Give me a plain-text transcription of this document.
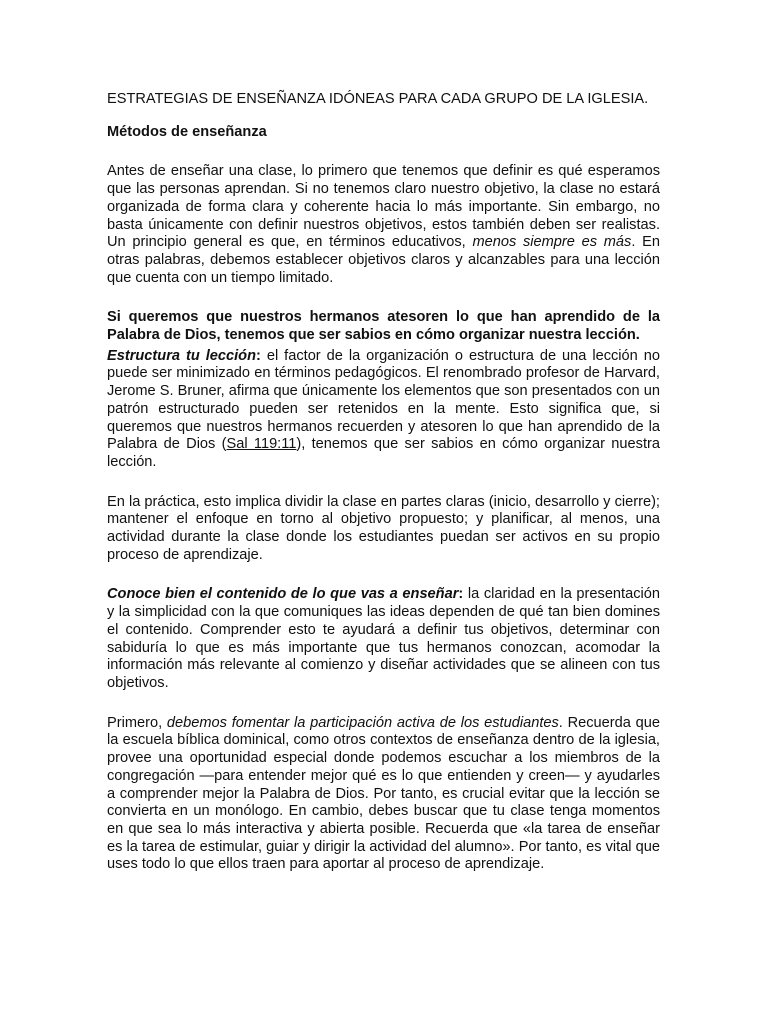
ESTRATEGIAS DE ENSEÑANZA IDÓNEAS PARA CADA GRUPO DE LA IGLESIA.

Métodos de enseñanza

Antes de enseñar una clase, lo primero que tenemos que definir es qué esperamos que las personas aprendan. Si no tenemos claro nuestro objetivo, la clase no estará organizada de forma clara y coherente hacia lo más importante. Sin embargo, no basta únicamente con definir nuestros objetivos, estos también deben ser realistas. Un principio general es que, en términos educativos, menos siempre es más. En otras palabras, debemos establecer objetivos claros y alcanzables para una lección que cuenta con un tiempo limitado.

Si queremos que nuestros hermanos atesoren lo que han aprendido de la Palabra de Dios, tenemos que ser sabios en cómo organizar nuestra lección.

Estructura tu lección: el factor de la organización o estructura de una lección no puede ser minimizado en términos pedagógicos. El renombrado profesor de Harvard, Jerome S. Bruner, afirma que únicamente los elementos que son presentados con un patrón estructurado pueden ser retenidos en la mente. Esto significa que, si queremos que nuestros hermanos recuerden y atesoren lo que han aprendido de la Palabra de Dios (Sal 119:11), tenemos que ser sabios en cómo organizar nuestra lección.

En la práctica, esto implica dividir la clase en partes claras (inicio, desarrollo y cierre); mantener el enfoque en torno al objetivo propuesto; y planificar, al menos, una actividad durante la clase donde los estudiantes puedan ser activos en su propio proceso de aprendizaje.

Conoce bien el contenido de lo que vas a enseñar: la claridad en la presentación y la simplicidad con la que comuniques las ideas dependen de qué tan bien domines el contenido. Comprender esto te ayudará a definir tus objetivos, determinar con sabiduría lo que es más importante que tus hermanos conozcan, acomodar la información más relevante al comienzo y diseñar actividades que se alineen con tus objetivos.

Primero, debemos fomentar la participación activa de los estudiantes. Recuerda que la escuela bíblica dominical, como otros contextos de enseñanza dentro de la iglesia, provee una oportunidad especial donde podemos escuchar a los miembros de la congregación —para entender mejor qué es lo que entienden y creen— y ayudarles a comprender mejor la Palabra de Dios. Por tanto, es crucial evitar que la lección se convierta en un monólogo. En cambio, debes buscar que tu clase tenga momentos en que sea lo más interactiva y abierta posible. Recuerda que «la tarea de enseñar es la tarea de estimular, guiar y dirigir la actividad del alumno». Por tanto, es vital que uses todo lo que ellos traen para aportar al proceso de aprendizaje.
